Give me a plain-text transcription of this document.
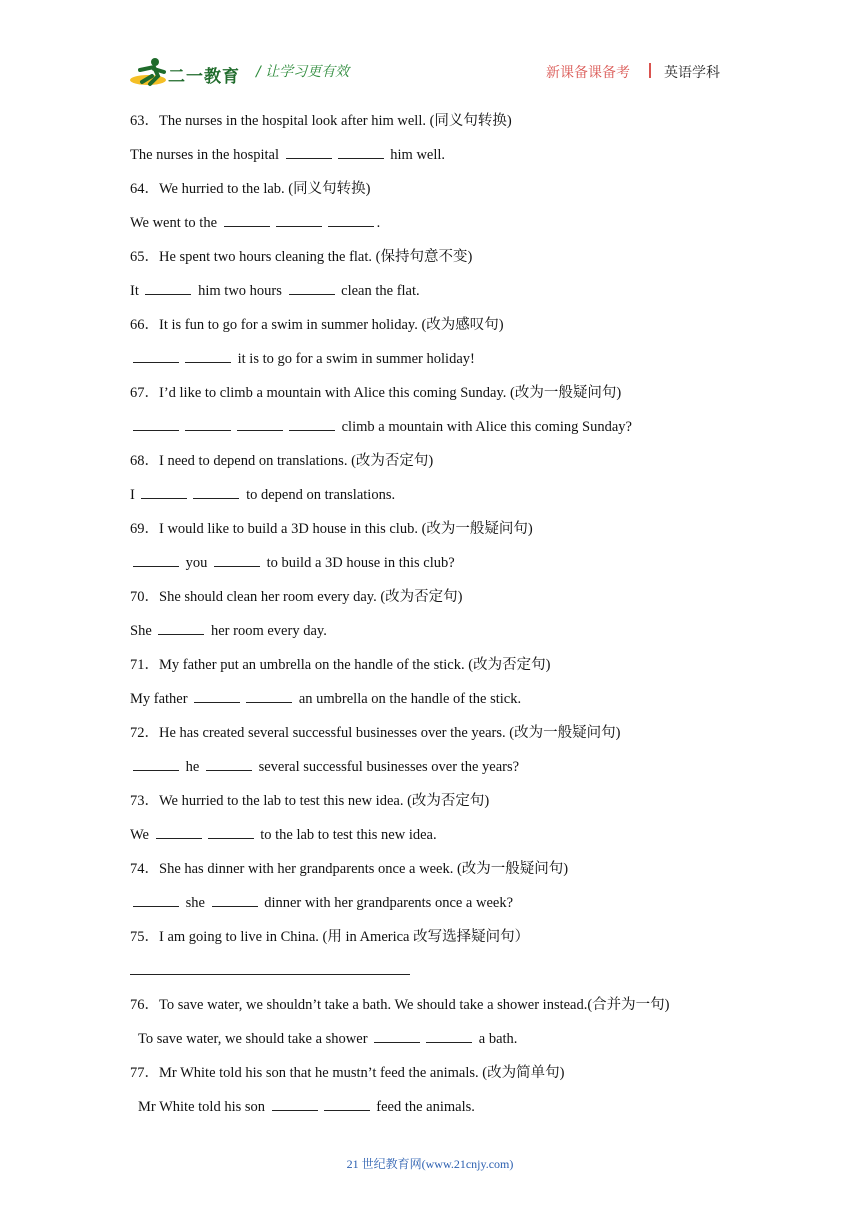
二一教育 / 让学习更有效	新课备课备考 英语学科
63．The nurses in the hospital look after him well. (同义句转换)
The nurses in the hospital	him well.
64．We hurried to the lab. (同义句转换)
We went to the	.
65．He spent two hours cleaning the flat. (保持句意不变)
It	him two hours	clean the flat.
66．It is fun to go for a swim in summer holiday. (改为感叹句)
it is to go for a swim in summer holiday!
67．I’d like to climb a mountain with Alice this coming Sunday. (改为一般疑问句)
climb a mountain with Alice this coming Sunday?
68．I need to depend on translations. (改为否定句)
I	to depend on translations.
69．I would like to build a 3D house in this club. (改为一般疑问句)
you	to build a 3D house in this club?
70．She should clean her room every day. (改为否定句)
She	her room every day.
71．My father put an umbrella on the handle of the stick. (改为否定句)
My father	an umbrella on the handle of the stick.
72．He has created several successful businesses over the years. (改为一般疑问句)
he	several successful businesses over the years?
73．We hurried to the lab to test this new idea. (改为否定句)
We	to the lab to test this new idea.
74．She has dinner with her grandparents once a week. (改为一般疑问句)
she	dinner with her grandparents once a week?
75．I am going to live in China. (用 in America 改写选择疑问句）
76．To save water, we shouldn’t take a bath. We should take a shower instead.(合并为一句)
To save water, we should take a shower	a bath.
77．Mr White told his son that he mustn’t feed the animals. (改为简单句)
Mr White told his son	feed the animals.
21 世纪教育网(www.21cnjy.com)
